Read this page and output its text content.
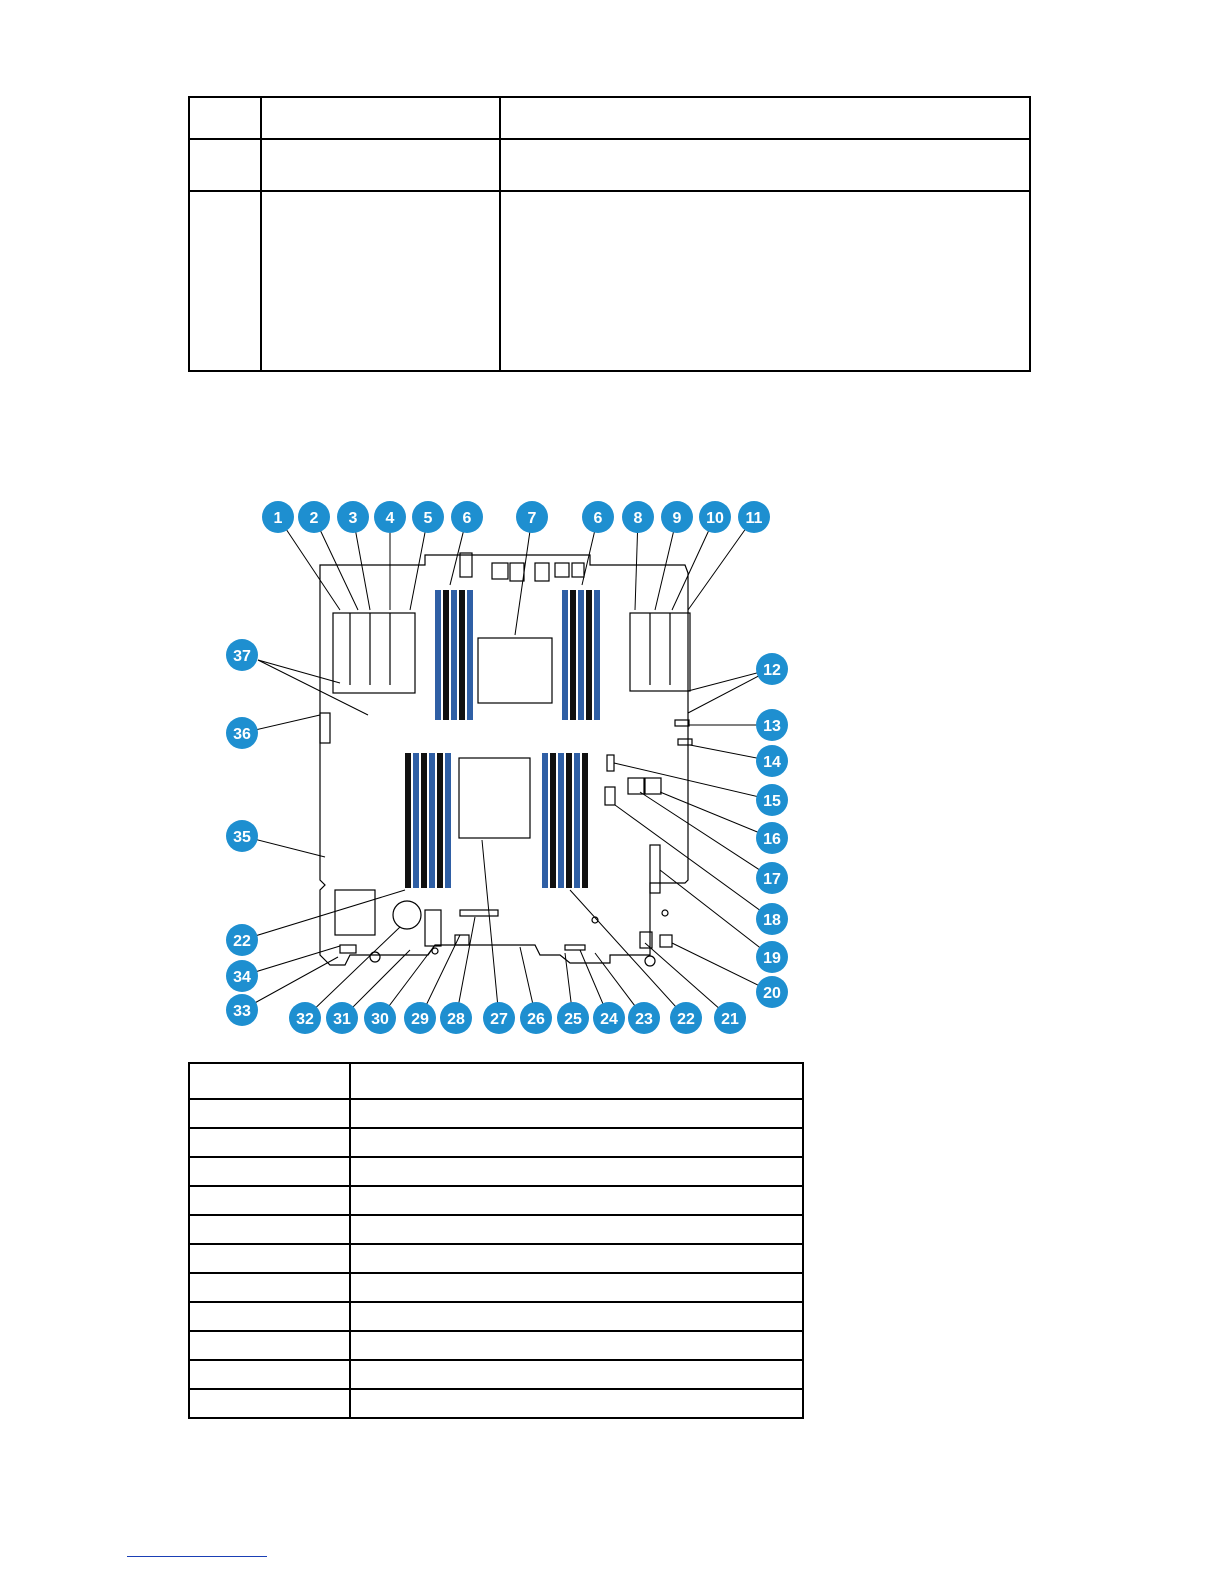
1 2 3 4 5 6	7	6 8 9 10 11
12
13
14
15
16
17
18
19
20
33	32 31 30 29 28 27 26 25 24 23 22 21
37
36
35
22
34
